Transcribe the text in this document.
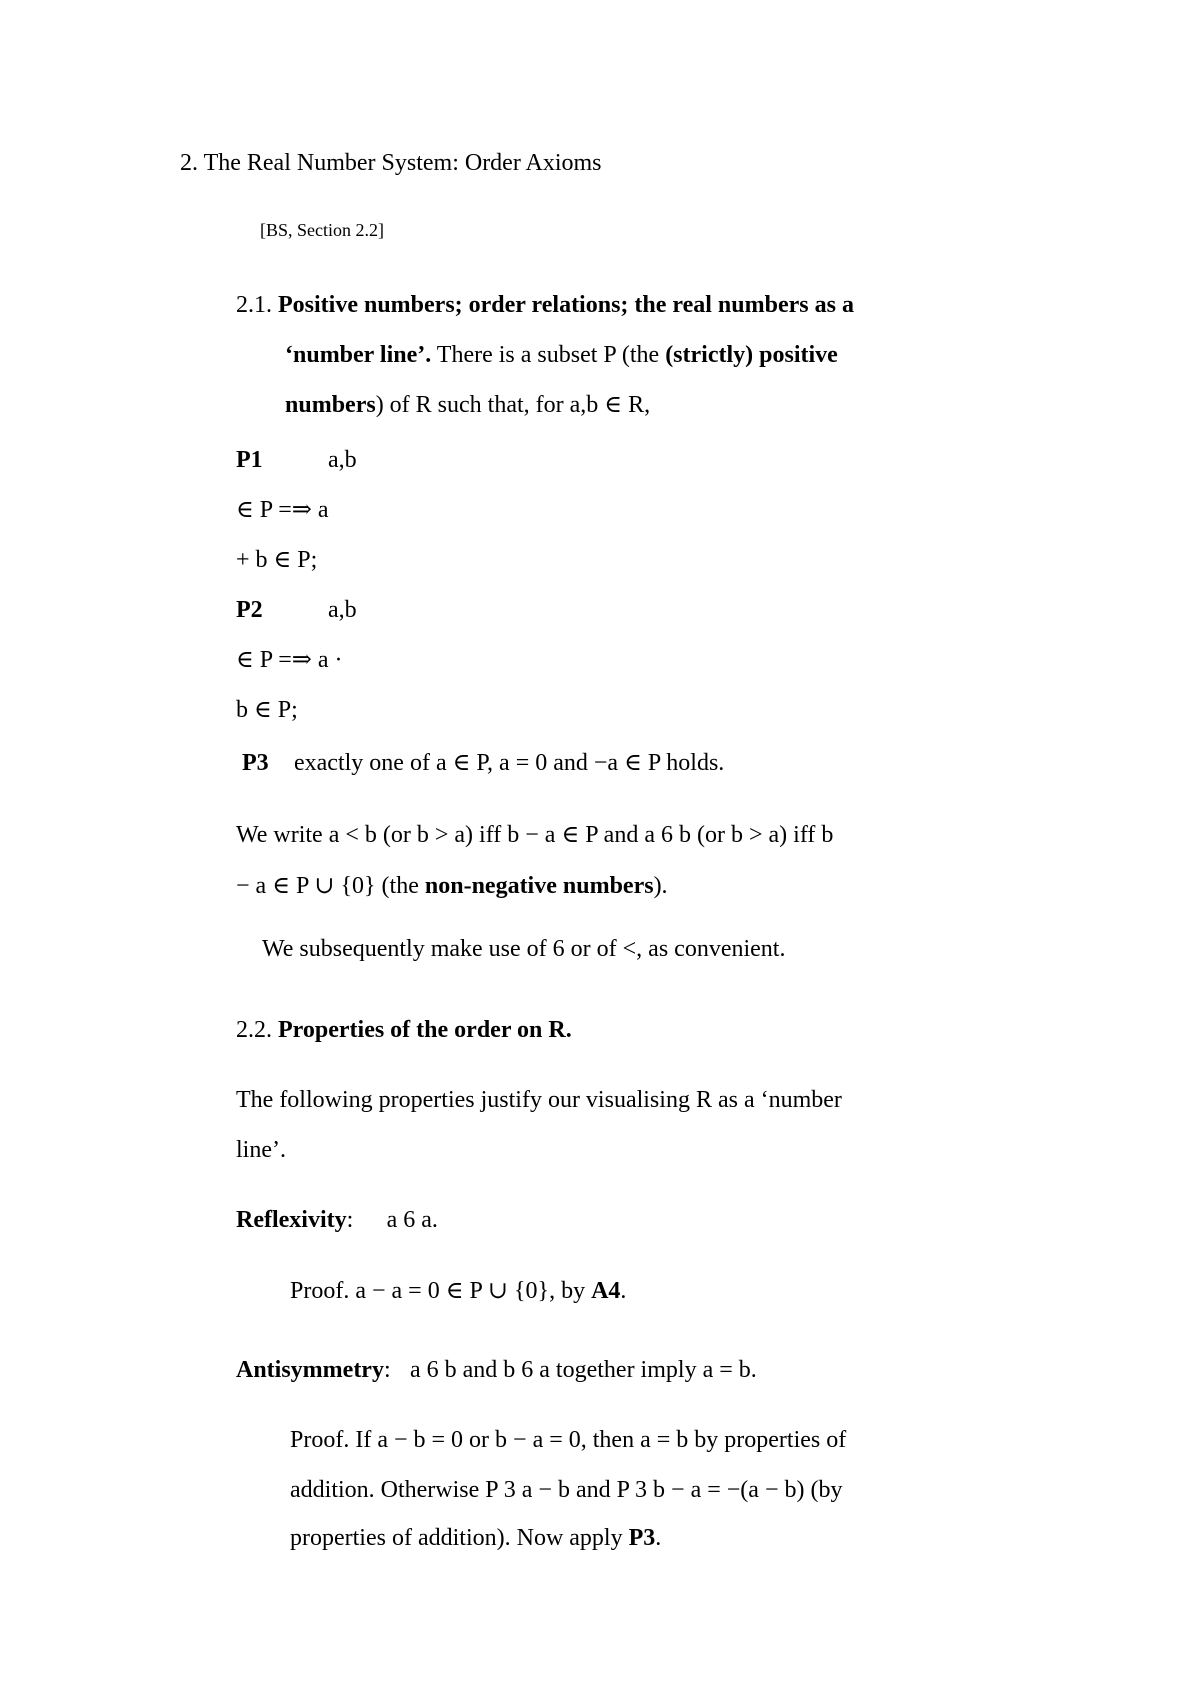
2. The Real Number System: Order Axioms
[BS, Section 2.2]
2.1. Positive numbers; order relations; the real numbers as a
‘number line’. There is a subset P (the (strictly) positive
numbers) of R such that, for a,b ∈ R,
P1	a,b
∈ P =⇒ a
+ b ∈ P;
P2	a,b
∈ P =⇒ a ·
b ∈ P;
P3 exactly one of a ∈ P, a = 0 and −a ∈ P holds.
We write a < b (or b > a) iff b − a ∈ P and a 6 b (or b > a) iff b
− a ∈ P ∪ {0} (the non-negative numbers).
We subsequently make use of 6 or of <, as convenient.
2.2. Properties of the order on R.
The following properties justify our visualising R as a ‘number
line’.
Reflexivity: a 6 a.
Proof. a − a = 0 ∈ P ∪ {0}, by A4.
Antisymmetry: a 6 b and b 6 a together imply a = b.
Proof. If a − b = 0 or b − a = 0, then a = b by properties of
addition. Otherwise P 3 a − b and P 3 b − a = −(a − b) (by
properties of addition). Now apply P3.
